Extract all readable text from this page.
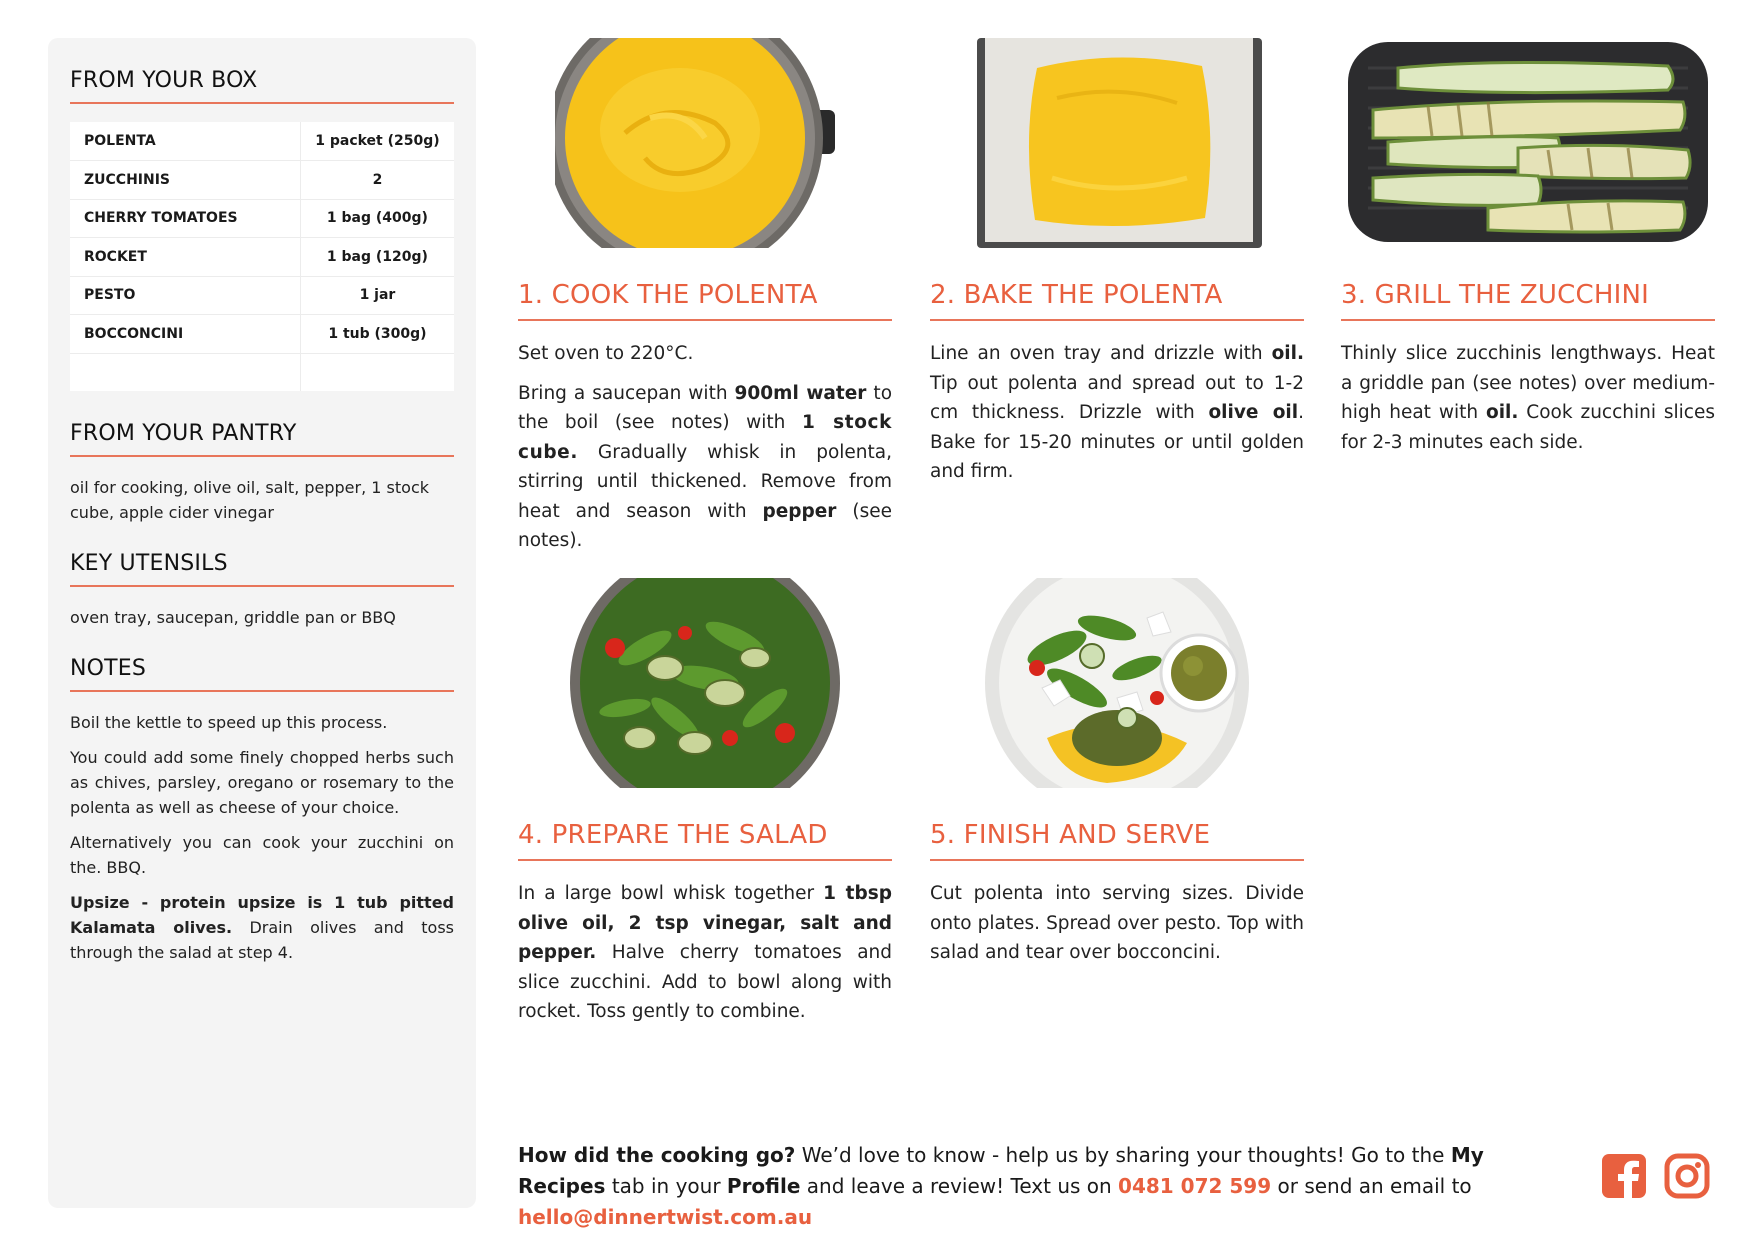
FROM YOUR BOX
POLENTA	1 packet (250g)
ZUCCHINIS	2
CHERRY TOMATOES	1 bag (400g)
ROCKET	1 bag (120g)
PESTO	1 jar
BOCCONCINI	1 tub (300g)

FROM YOUR PANTRY

oil for cooking, olive oil, salt, pepper, 1 stock cube, apple cider vinegar

KEY UTENSILS

oven tray, saucepan, griddle pan or BBQ

NOTES

Boil the kettle to speed up this process.

You could add some finely chopped herbs such as chives, parsley, oregano or rosemary to the polenta as well as cheese of your choice.

Alternatively you can cook your zucchini on the. BBQ.

Upsize - protein upsize is 1 tub pitted Kalamata olives. Drain olives and toss through the salad at step 4.

1. COOK THE POLENTA

Set oven to 220°C.

Bring a saucepan with 900ml water to the boil (see notes) with 1 stock cube. Gradually whisk in polenta, stirring until thickened. Remove from heat and season with pepper (see notes).

2. BAKE THE POLENTA

Line an oven tray and drizzle with oil. Tip out polenta and spread out to 1-2 cm thickness. Drizzle with olive oil. Bake for 15-20 minutes or until golden and firm.

3. GRILL THE ZUCCHINI

Thinly slice zucchinis lengthways. Heat a griddle pan (see notes) over medium-high heat with oil. Cook zucchini slices for 2-3 minutes each side.

4. PREPARE THE SALAD

In a large bowl whisk together 1 tbsp olive oil, 2 tsp vinegar, salt and pepper. Halve cherry tomatoes and slice zucchini. Add to bowl along with rocket. Toss gently to combine.

5. FINISH AND SERVE

Cut polenta into serving sizes. Divide onto plates. Spread over pesto. Top with salad and tear over bocconcini.

How did the cooking go? We’d love to know - help us by sharing your thoughts! Go to the My Recipes tab in your Profile and leave a review! Text us on 0481 072 599 or send an email to hello@dinnertwist.com.au
